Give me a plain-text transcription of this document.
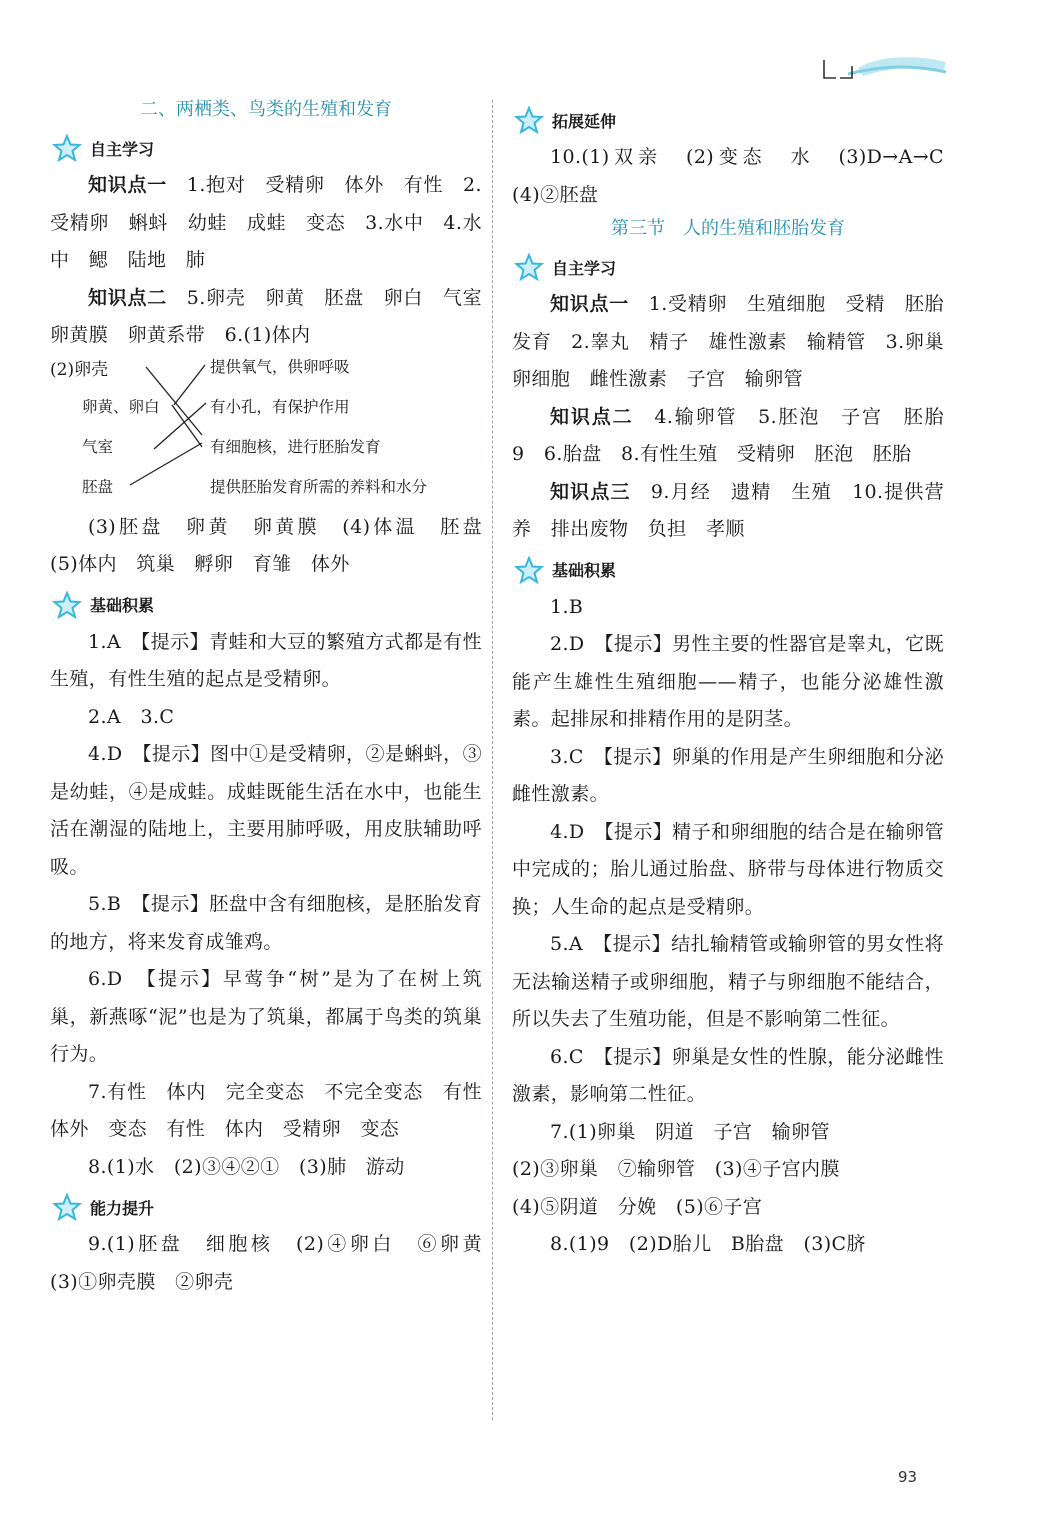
二、两栖类、鸟类的生殖和发育
自主学习

知识点一　 1.抱对　受精卵　体外　有性　2.受精卵　蝌蚪　幼蛙　成蛙　变态　3.水中　4.水中　鳃　陆地　肺

知识点二　 5.卵壳　卵黄　胚盘　卵白　气室　卵黄膜　卵黄系带　6.(1)体内

(2)卵壳
卵黄、卵白
气室
胚盘
提供氧气，供卵呼吸
有小孔，有保护作用
有细胞核，进行胚胎发育
提供胚胎发育所需的养料和水分

(3)胚盘　卵黄　卵黄膜　(4)体温　胚盘　(5)体内　筑巢　孵卵　育雏　体外

基础积累

1.A　【提示】青蛙和大豆的繁殖方式都是有性生殖，有性生殖的起点是受精卵。

2.A　3.C

4.D　【提示】图中①是受精卵，②是蝌蚪，③是幼蛙，④是成蛙。成蛙既能生活在水中，也能生活在潮湿的陆地上，主要用肺呼吸，用皮肤辅助呼吸。

5.B　【提示】胚盘中含有细胞核，是胚胎发育的地方，将来发育成雏鸡。

6.D　【提示】早莺争“树”是为了在树上筑巢，新燕啄“泥”也是为了筑巢，都属于鸟类的筑巢行为。

7.有性　体内　完全变态　不完全变态　有性　体外　变态　有性　体内　受精卵　变态

8.(1)水　(2)③④②①　(3)肺　游动

能力提升

9.(1)胚盘　细胞核　(2)④卵白　⑥卵黄　(3)①卵壳膜　②卵壳

拓展延伸

10.(1)双亲　(2)变态　水　(3)D→A→C　(4)②胚盘

第三节　人的生殖和胚胎发育
自主学习

知识点一　 1.受精卵　生殖细胞　受精　胚胎发育　2.睾丸　精子　雄性激素　输精管　3.卵巢　卵细胞　雌性激素　子宫　输卵管

知识点二　 4.输卵管　5.胚泡　子宫　胚胎　9　6.胎盘　8.有性生殖　受精卵　胚泡　胚胎

知识点三　 9.月经　遗精　生殖　10.提供营养　排出废物　负担　孝顺

基础积累

1.B

2.D　【提示】男性主要的性器官是睾丸，它既能产生雄性生殖细胞——精子，也能分泌雄性激素。起排尿和排精作用的是阴茎。

3.C　【提示】卵巢的作用是产生卵细胞和分泌雌性激素。

4.D　【提示】精子和卵细胞的结合是在输卵管中完成的；胎儿通过胎盘、脐带与母体进行物质交换；人生命的起点是受精卵。

5.A　【提示】结扎输精管或输卵管的男女性将无法输送精子或卵细胞，精子与卵细胞不能结合，所以失去了生殖功能，但是不影响第二性征。

6.C　【提示】卵巢是女性的性腺，能分泌雌性激素，影响第二性征。

7.(1)卵巢　阴道　子宫　输卵管

(2)③卵巢　⑦输卵管　(3)④子宫内膜

(4)⑤阴道　分娩　(5)⑥子宫

8.(1)9　(2)D胎儿　B胎盘　(3)C脐

93
